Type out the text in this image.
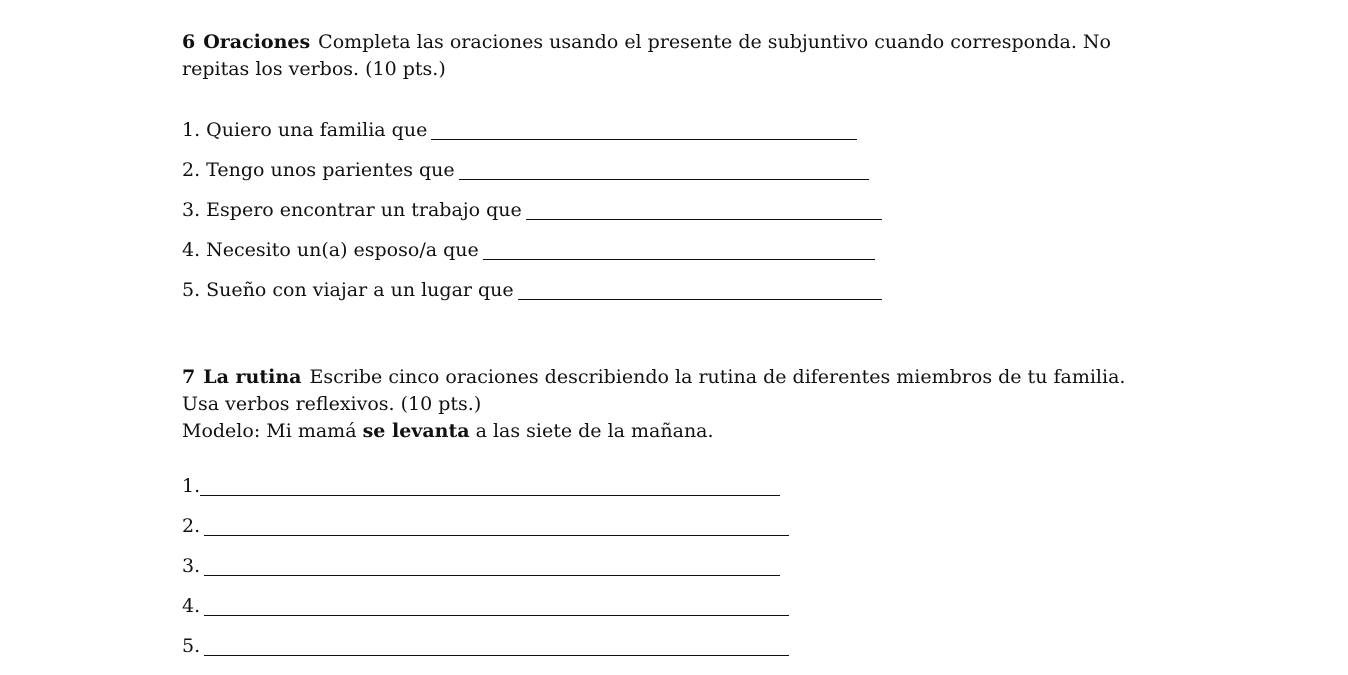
6 Oraciones Completa las oraciones usando el presente de subjuntivo cuando corresponda. No repitas los verbos. (10 pts.)

1. Quiero una familia que
2. Tengo unos parientes que
3. Espero encontrar un trabajo que
4. Necesito un(a) esposo/a que
5. Sueño con viajar a un lugar que

7 La rutina Escribe cinco oraciones describiendo la rutina de diferentes miembros de tu familia. Usa verbos reflexivos. (10 pts.)

Modelo: Mi mamá se levanta a las siete de la mañana.
1.
2.
3.
4.
5.
